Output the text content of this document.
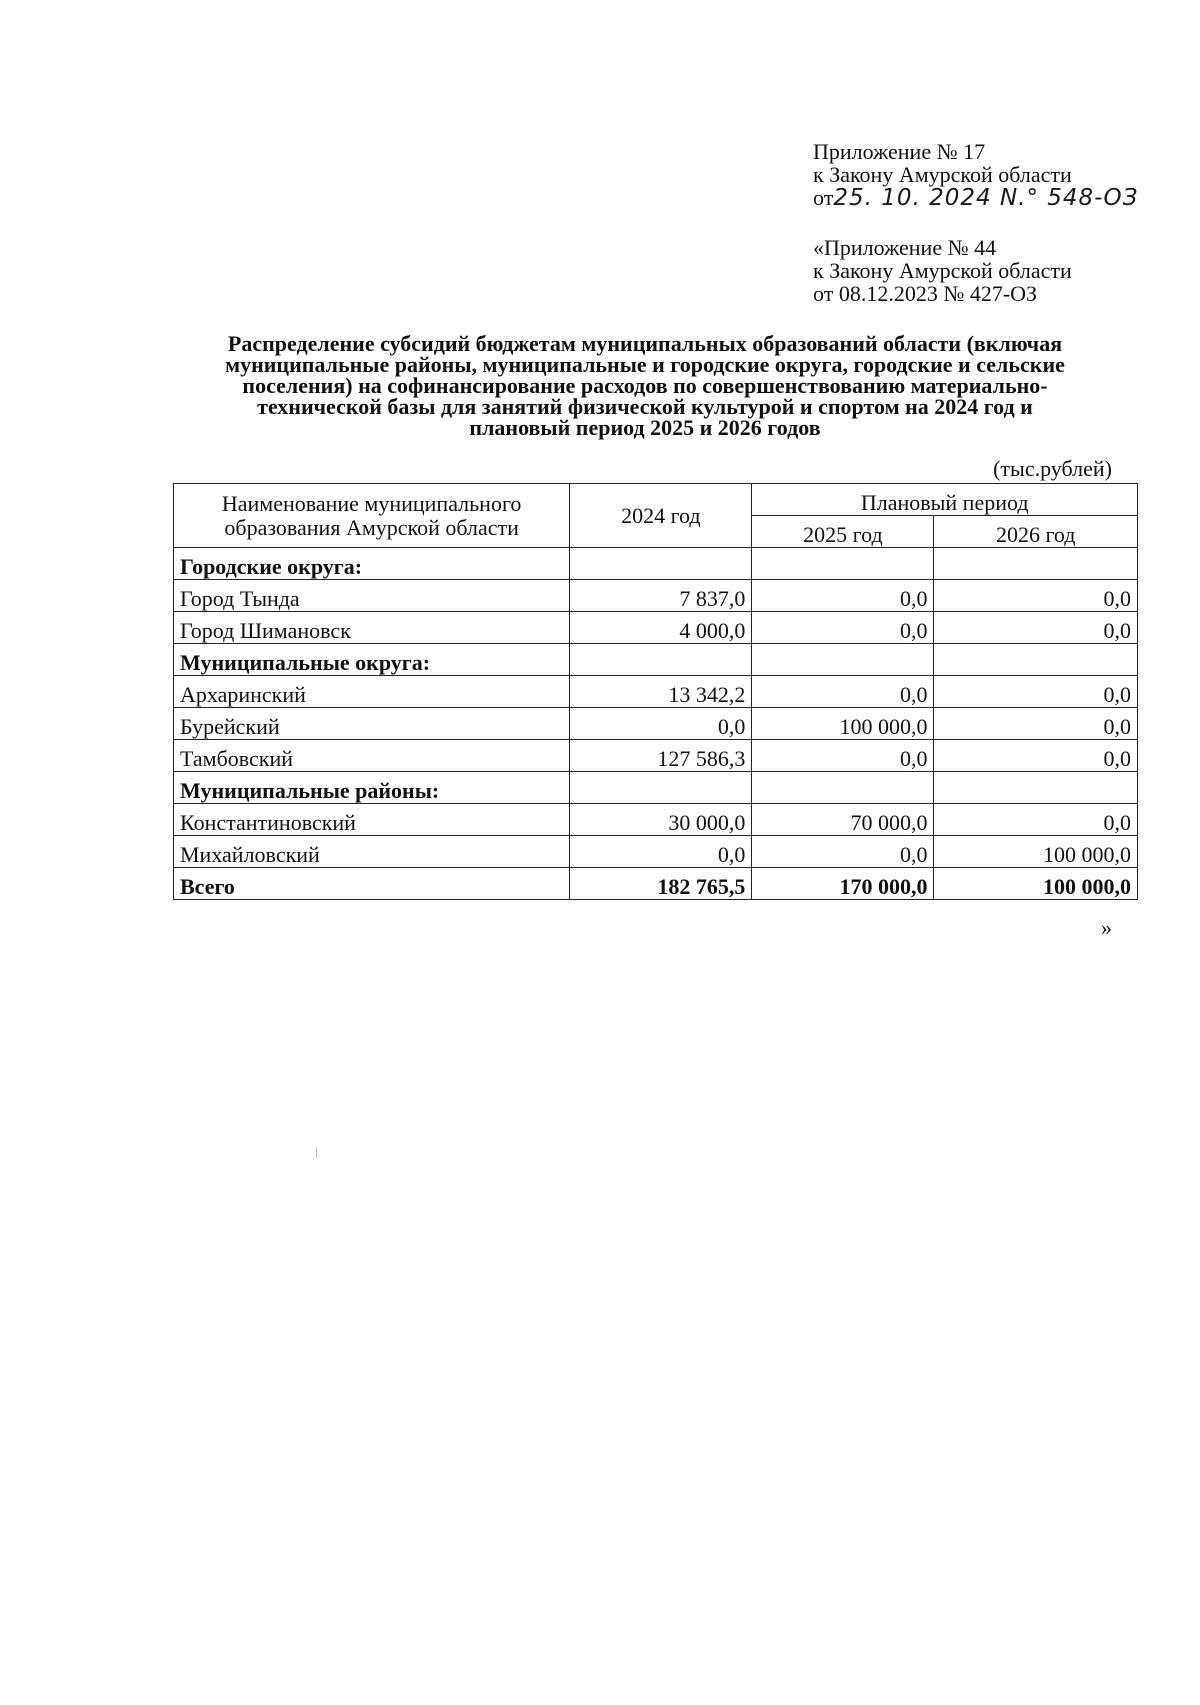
Приложение № 17
к Закону Амурской области
от25. 10. 2024 N.° 548-ОЗ
«Приложение № 44
к Закону Амурской области
от 08.12.2023 № 427-ОЗ
Распределение субсидий бюджетам муниципальных образований области (включая
муниципальные районы, муниципальные и городские округа, городские и сельские
поселения) на софинансирование расходов по совершенствованию материально-
технической базы для занятий физической культурой и спортом на 2024 год и
плановый период 2025 и 2026 годов
(тыс.рублей)
Наименование муниципального
образования Амурской области	2024 год	Плановый период	
		2025 год	2026 год
Городские округа:			
Город Тында	7 837,0	0,0	0,0
Город Шимановск	4 000,0	0,0	0,0
Муниципальные округа:			
Архаринский	13 342,2	0,0	0,0
Бурейский	0,0	100 000,0	0,0
Тамбовский	127 586,3	0,0	0,0
Муниципальные районы:			
Константиновский	30 000,0	70 000,0	0,0
Михайловский	0,0	0,0	100 000,0
Всего	182 765,5	170 000,0	100 000,0
»
